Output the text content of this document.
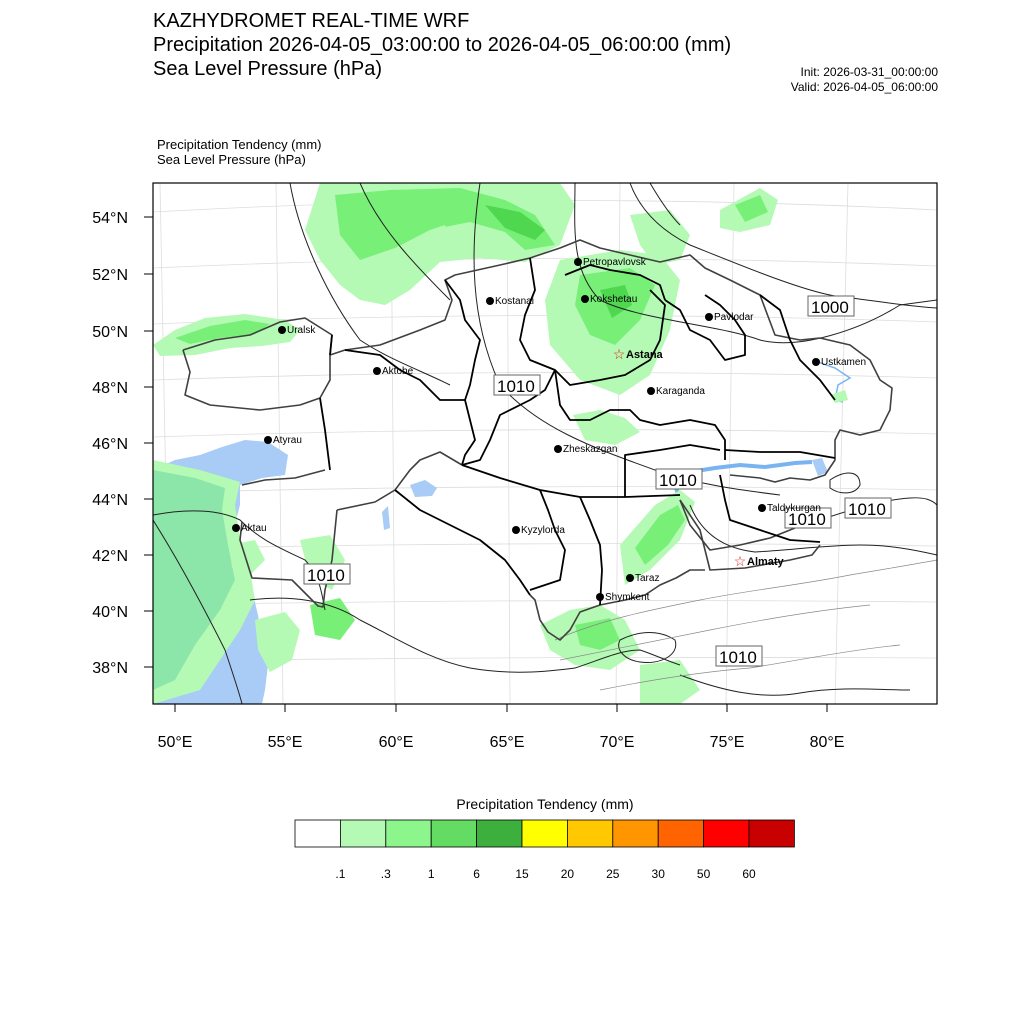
KAZHYDROMET REAL-TIME WRF
Precipitation 2026-04-05_03:00:00 to 2026-04-05_06:00:00 (mm)
Sea Level Pressure (hPa)	Init: 2026-03-31_00:00:00
Valid: 2026-04-05_06:00:00
Precipitation Tendency (mm)
Sea Level Pressure (hPa)
54°N
52°N
50°N
48°N
46°N
44°N
42°N
40°N
38°N
50°E	55°E	60°E	65°E	70°E	75°E	80°E
1000
1010
1010
1010
1010
1010
1010
Petropavlovsk
Kostanai	Kokshetau
Pavlodar
Uralsk
☆ Astana
Ustkamen
Aktobe
Karaganda
Atyrau
Zheskazgan
Aktau	Kyzylorda
Taldykurgan
☆ Almaty
Taraz
Shymkent
Precipitation Tendency (mm)
.1	.3	1	6	15	20	25	30	50	60
